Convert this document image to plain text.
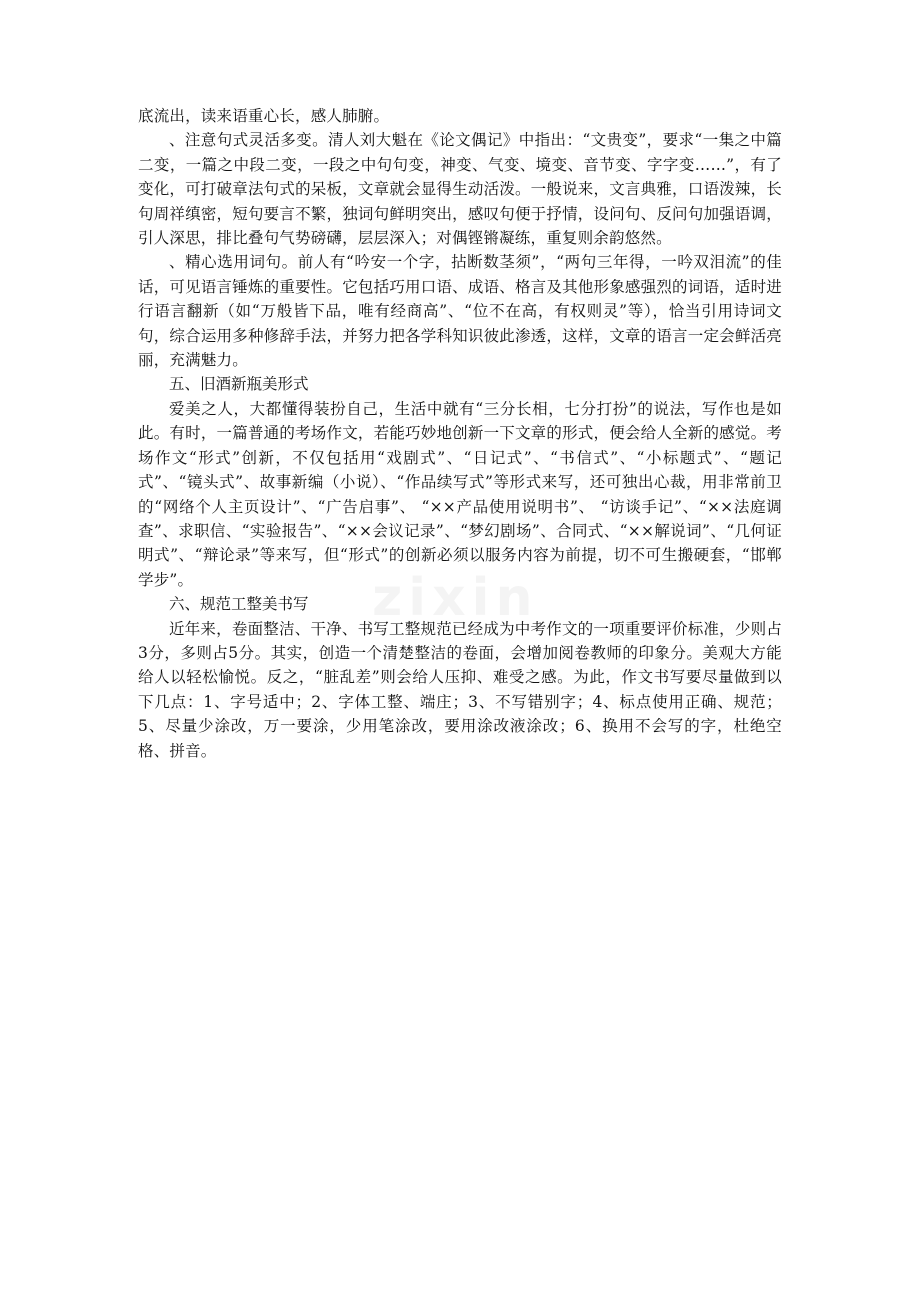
底流出，读来语重心长，感人肺腑。

、注意句式灵活多变。清人刘大魁在《论文偶记》中指出：“文贵变”，要求“一集之中篇二变，一篇之中段二变，一段之中句句变，神变、气变、境变、音节变、字字变……”，有了变化，可打破章法句式的呆板，文章就会显得生动活泼。一般说来，文言典雅，口语泼辣，长句周祥缜密，短句要言不繁，独词句鲜明突出，感叹句便于抒情，设问句、反问句加强语调，引人深思，排比叠句气势磅礴，层层深入；对偶铿锵凝练，重复则余韵悠然。

、精心选用词句。前人有“吟安一个字，拈断数茎须”，“两句三年得，一吟双泪流”的佳话，可见语言锤炼的重要性。它包括巧用口语、成语、格言及其他形象感强烈的词语，适时进行语言翻新（如“万般皆下品，唯有经商高”、“位不在高，有权则灵”等），恰当引用诗词文句，综合运用多种修辞手法，并努力把各学科知识彼此渗透，这样，文章的语言一定会鲜活亮丽，充满魅力。

五、旧酒新瓶美形式

爱美之人，大都懂得装扮自己，生活中就有“三分长相，七分打扮”的说法，写作也是如此。有时，一篇普通的考场作文，若能巧妙地创新一下文章的形式，便会给人全新的感觉。考场作文“形式”创新，不仅包括用“戏剧式”、“日记式”、“书信式”、“小标题式”、“题记式”、“镜头式”、故事新编（小说）、“作品续写式”等形式来写，还可独出心裁，用非常前卫的“网络个人主页设计”、“广告启事”、 “××产品使用说明书”、 “访谈手记”、“××法庭调查”、求职信、“实验报告”、“××会议记录”、“梦幻剧场”、合同式、“××解说词”、“几何证明式”、“辩论录”等来写，但“形式”的创新必须以服务内容为前提，切不可生搬硬套，“邯郸学步”。

六、规范工整美书写

近年来，卷面整洁、干净、书写工整规范已经成为中考作文的一项重要评价标准，少则占3分，多则占5分。其实，创造一个清楚整洁的卷面，会增加阅卷教师的印象分。美观大方能给人以轻松愉悦。反之，“脏乱差”则会给人压抑、难受之感。为此，作文书写要尽量做到以下几点：1、字号适中；2、字体工整、端庄；3、不写错别字；4、标点使用正确、规范； 5、尽量少涂改，万一要涂，少用笔涂改，要用涂改液涂改；6、换用不会写的字，杜绝空格、拼音。
